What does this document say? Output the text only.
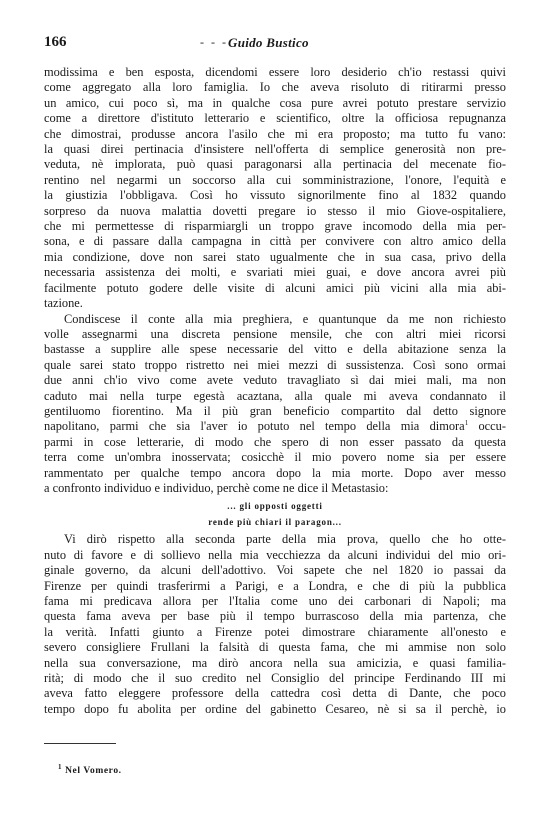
166	- - - Guido Bustico
modissima e ben esposta, dicendomi essere loro desiderio ch'io restassi quivi
come aggregato alla loro famiglia. Io che aveva risoluto di ritirarmi presso
un amico, cui poco sì, ma in qualche cosa pure avrei potuto prestare servizio
come a direttore d'istituto letterario e scientifico, oltre la officiosa repugnanza
che dimostrai, produsse ancora l'asilo che mi era proposto; ma tutto fu vano:
la quasi direi pertinacia d'insistere nell'offerta di semplice generosità non pre-
veduta, nè implorata, può quasi paragonarsi alla pertinacia del mecenate fio-
rentino nel negarmi un soccorso alla cui somministrazione, l'onore, l'equità e
la giustizia l'obbligava. Così ho vissuto signorilmente fino al 1832 quando
sorpreso da nuova malattia dovetti pregare io stesso il mio Giove-ospitaliere,
che mi permettesse di risparmiargli un troppo grave incomodo della mia per-
sona, e di passare dalla campagna in città per convivere con altro amico della
mia condizione, dove non sarei stato ugualmente che in sua casa, privo della
necessaria assistenza dei molti, e svariati miei guai, e dove ancora avrei più
facilmente potuto godere delle visite di alcuni amici più vicini alla mia abi-
tazione.
Condiscese il conte alla mia preghiera, e quantunque da me non richiesto
volle assegnarmi una discreta pensione mensile, che con altri miei ricorsi
bastasse a supplire alle spese necessarie del vitto e della abitazione senza la
quale sarei stato troppo ristretto nei miei mezzi di sussistenza. Così sono ormai
due anni ch'io vivo come avete veduto travagliato sì dai miei mali, ma non
caduto mai nella turpe egestà acaztana, alla quale mi aveva condannato il
gentiluomo fiorentino. Ma il più gran beneficio compartito dal detto signore
napolitano, parmi che sia l'aver io potuto nel tempo della mia dimora$^1$ occu-
parmi in cose letterarie, di modo che spero di non esser passato da questa
terra come un'ombra inosservata; cosicchè il mio povero nome sia per essere
rammentato per qualche tempo ancora dopo la mia morte. Dopo aver messo
a confronto individuo e individuo, perchè come ne dice il Metastasio:
... gli opposti oggetti
rende più chiari il paragon...
Vi dirò rispetto alla seconda parte della mia prova, quello che ho otte-
nuto di favore e di sollievo nella mia vecchiezza da alcuni individui del mio ori-
ginale governo, da alcuni dell'adottivo. Voi sapete che nel 1820 io passai da
Firenze per quindi trasferirmi a Parigi, e a Londra, e che di più la pubblica
fama mi predicava allora per l'Italia come uno dei carbonari di Napoli; ma
questa fama aveva per base più il tempo burrascoso della mia partenza, che
la verità. Infatti giunto a Firenze potei dimostrare chiaramente all'onesto e
severo consigliere Frullani la falsità di questa fama, che mi ammise non solo
nella sua conversazione, ma dirò ancora nella sua amicizia, e quasi familia-
rità; di modo che il suo credito nel Consiglio del principe Ferdinando III mi
aveva fatto eleggere professore della cattedra così detta di Dante, che poco
tempo dopo fu abolita per ordine del gabinetto Cesareo, nè si sa il perchè, io
$^1$ Nel Vomero.
